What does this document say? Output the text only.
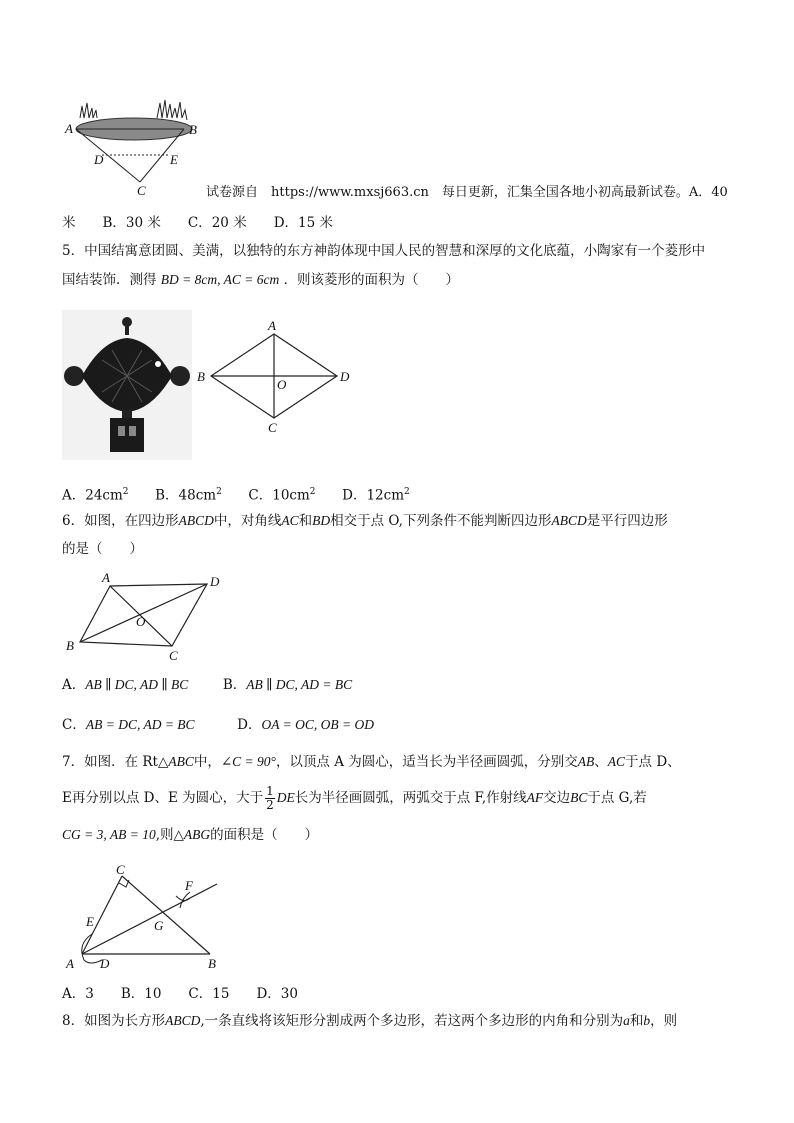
A	B
D	E
C	试卷源自　https://www.mxsj663.cn　每日更新，汇集全国各地小初高最新试卷。A．40
米　　B．30 米　　C．20 米　　D．15 米
5．中国结寓意团圆、美满，以独特的东方神韵体现中国人民的智慧和深厚的文化底蕴，小陶家有一个菱形中
国结装饰．测得 BD = 8cm, AC = 6cm ．则该菱形的面积为（　　）
A
B	D
O
C
A．$24cm^2$ B．$48cm^2$ C．$10cm^2$ D．$12cm^2$
6．如图，在四边形ABCD中，对角线AC和BD相交于点 O,下列条件不能判断四边形ABCD是平行四边形
的是（　　）
A	D
B
C
O
A．AB ∥ DC, AD ∥ BC	B．AB ∥ DC, AD = BC
C．AB = DC, AD = BC	D．OA = OC, OB = OD
7．如图．在 Rt△ABC中，∠C = 90°，以顶点 A 为圆心，适当长为半径画圆弧，分别交AB、AC于点 D、
E再分别以点 D、E 为圆心，大于 $\frac{1}{2}$ DE长为半径画圆弧，两弧交于点 F,作射线AF交边BC于点 G,若
CG = 3, AB = 10,则△ABG的面积是（　　）
C
E
A D	B
G
F
A．3　　B．10　　C．15　　D．30
8．如图为长方形ABCD,一条直线将该矩形分割成两个多边形，若这两个多边形的内角和分别为a和b，则
